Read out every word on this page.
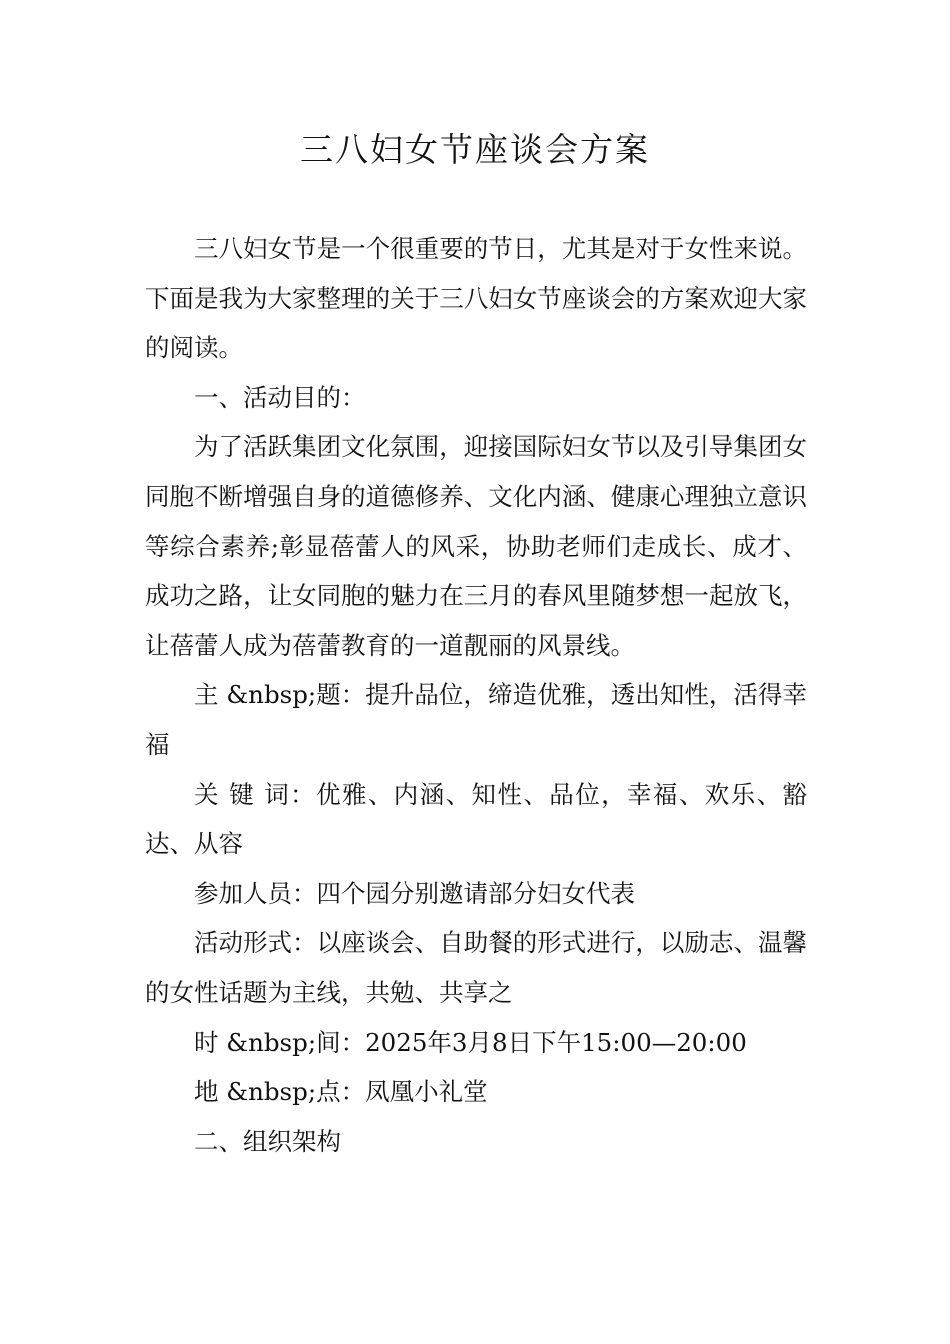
三八妇女节座谈会方案

三八妇女节是一个很重要的节日，尤其是对于女性来说。下面是我为大家整理的关于三八妇女节座谈会的方案欢迎大家的阅读。

一、活动目的：

为了活跃集团文化氛围，迎接国际妇女节以及引导集团女同胞不断增强自身的道德修养、文化内涵、健康心理独立意识等综合素养;彰显蓓蕾人的风采，协助老师们走成长、成才、成功之路，让女同胞的魅力在三月的春风里随梦想一起放飞，让蓓蕾人成为蓓蕾教育的一道靓丽的风景线。

主 &nbsp;题：提升品位，缔造优雅，透出知性，活得幸福

关 键 词：优雅、内涵、知性、品位，幸福、欢乐、豁达、从容

参加人员：四个园分别邀请部分妇女代表

活动形式：以座谈会、自助餐的形式进行，以励志、温馨的女性话题为主线，共勉、共享之

时 &nbsp;间：2025年3月8日下午15:00—20:00

地 &nbsp;点：凤凰小礼堂

二、组织架构
